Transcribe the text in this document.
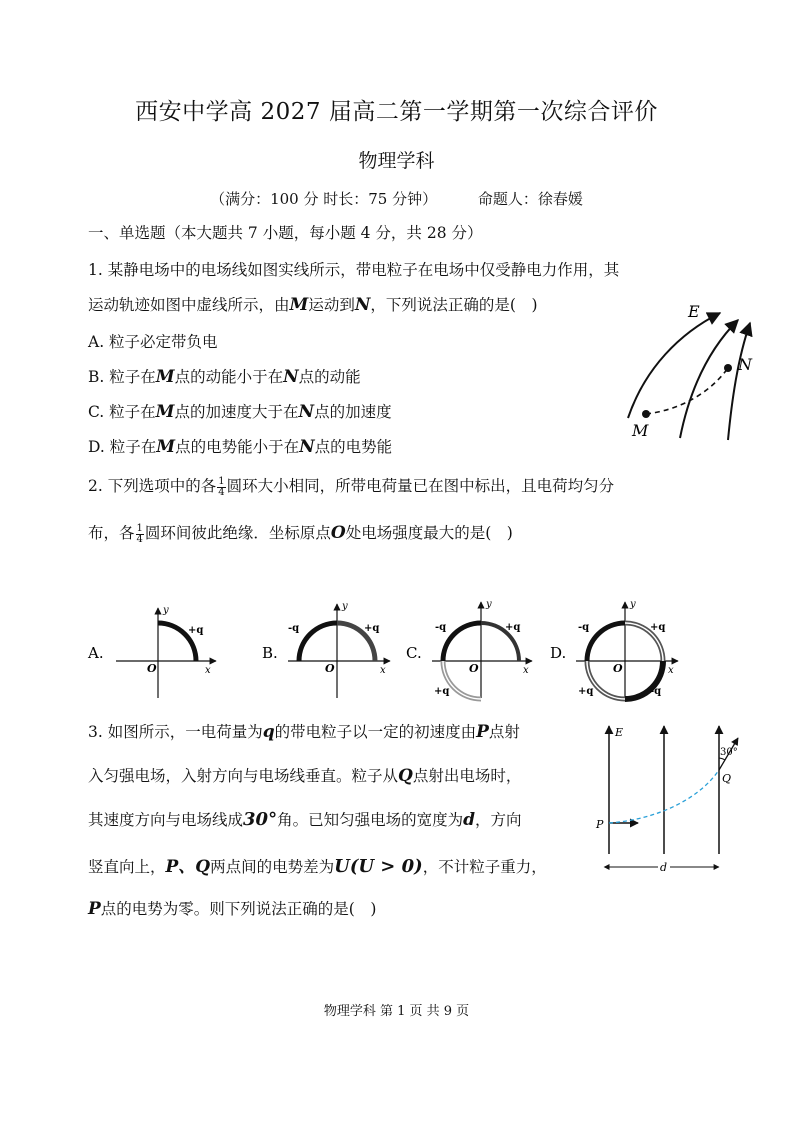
西安中学高 2027 届高二第一学期第一次综合评价
物理学科
（满分：100 分 时长：75 分钟）	命题人：徐春媛
一、单选题（本大题共 7 小题，每小题 4 分，共 28 分）
1. 某静电场中的电场线如图实线所示，带电粒子在电场中仅受静电力作用，其
运动轨迹如图中虚线所示，由M运动到N，下列说法正确的是(　)
A. 粒子必定带负电
B. 粒子在M点的动能小于在N点的动能
C. 粒子在M点的加速度大于在N点的加速度
D. 粒子在M点的电势能小于在N点的电势能
E
N
M
2. 下列选项中的各 $\frac{1}{4}$ 圆环大小相同，所带电荷量已在图中标出，且电荷均匀分
布，各 $\frac{1}{4}$ 圆环间彼此绝缘．坐标原点O处电场强度最大的是(　)
A.
y
x
O
+q
B.
y
x
O
-q	+q
C.
y
x
O
-q	+q
+q
D.
y
x
O
-q	+q
+q	-q
3. 如图所示，一电荷量为q的带电粒子以一定的初速度由P点射
入匀强电场，入射方向与电场线垂直。粒子从Q点射出电场时，
其速度方向与电场线成30°角。已知匀强电场的宽度为d，方向
竖直向上，P、Q两点间的电势差为U(U > 0)，不计粒子重力，
P点的电势为零。则下列说法正确的是(　)
E
30°
Q
P
d
物理学科 第 1 页 共 9 页
